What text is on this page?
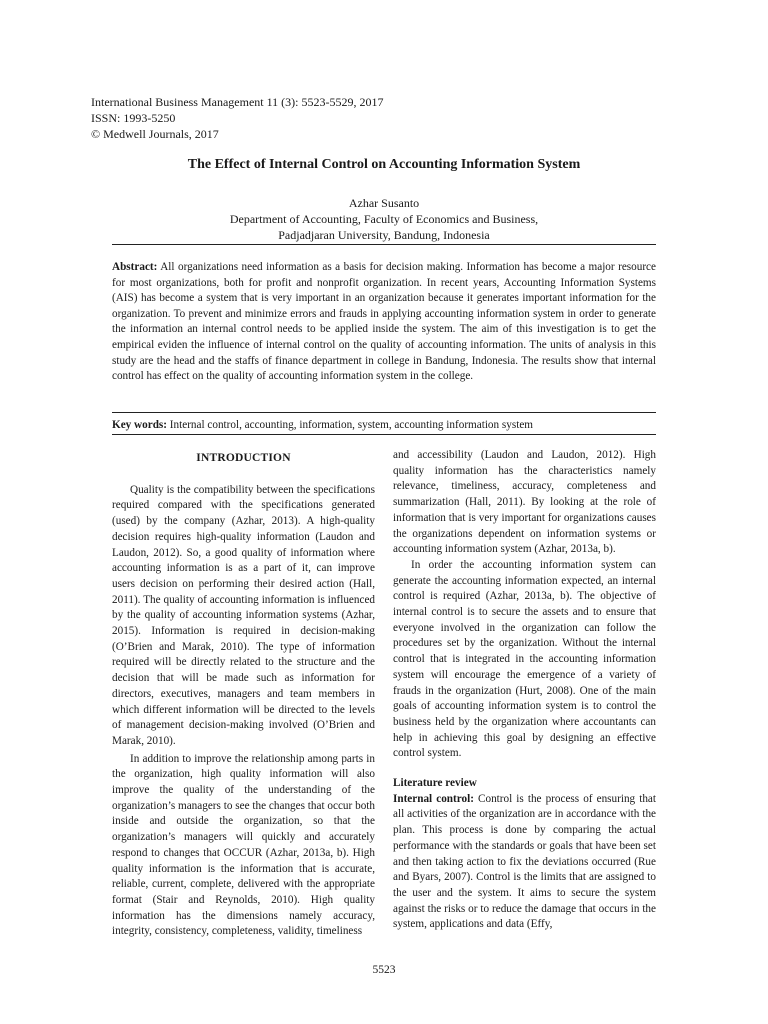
International Business Management 11 (3): 5523-5529, 2017
ISSN: 1993-5250
© Medwell Journals, 2017
The Effect of Internal Control on Accounting Information System
Azhar Susanto
Department of Accounting, Faculty of Economics and Business,
Padjadjaran University, Bandung, Indonesia
Abstract: All organizations need information as a basis for decision making. Information has become a major resource for most organizations, both for profit and nonprofit organization. In recent years, Accounting Information Systems (AIS) has become a system that is very important in an organization because it generates important information for the organization. To prevent and minimize errors and frauds in applying accounting information system in order to generate the information an internal control needs to be applied inside the system. The aim of this investigation is to get the empirical eviden the influence of internal control on the quality of accounting information. The units of analysis in this study are the head and the staffs of finance department in college in Bandung, Indonesia. The results show that internal control has effect on the quality of accounting information system in the college.
Key words: Internal control, accounting, information, system, accounting information system

INTRODUCTION

Quality is the compatibility between the specifications required compared with the specifications generated (used) by the company (Azhar, 2013). A high-quality decision requires high-quality information (Laudon and Laudon, 2012). So, a good quality of information where accounting information is as a part of it, can improve users decision on performing their desired action (Hall, 2011). The quality of accounting information is influenced by the quality of accounting information systems (Azhar, 2015). Information is required in decision-making (O’Brien and Marak, 2010). The type of information required will be directly related to the structure and the decision that will be made such as information for directors, executives, managers and team members in which different information will be directed to the levels of management decision-making involved (O’Brien and Marak, 2010).

In addition to improve the relationship among parts in the organization, high quality information will also improve the quality of the understanding of the organization’s managers to see the changes that occur both inside and outside the organization, so that the organization’s managers will quickly and accurately respond to changes that OCCUR (Azhar, 2013a, b). High quality information is the information that is accurate, reliable, current, complete, delivered with the appropriate format (Stair and Reynolds, 2010). High quality information has the dimensions namely accuracy, integrity, consistency, completeness, validity, timeliness

and accessibility (Laudon and Laudon, 2012). High quality information has the characteristics namely relevance, timeliness, accuracy, completeness and summarization (Hall, 2011). By looking at the role of information that is very important for organizations causes the organizations dependent on information systems or accounting information system (Azhar, 2013a, b).

In order the accounting information system can generate the accounting information expected, an internal control is required (Azhar, 2013a, b). The objective of internal control is to secure the assets and to ensure that everyone involved in the organization can follow the procedures set by the organization. Without the internal control that is integrated in the accounting information system will encourage the emergence of a variety of frauds in the organization (Hurt, 2008). One of the main goals of accounting information system is to control the business held by the organization where accountants can help in achieving this goal by designing an effective control system.

Literature review

Internal control: Control is the process of ensuring that all activities of the organization are in accordance with the plan. This process is done by comparing the actual performance with the standards or goals that have been set and then taking action to fix the deviations occurred (Rue and Byars, 2007). Control is the limits that are assigned to the user and the system. It aims to secure the system against the risks or to reduce the damage that occurs in the system, applications and data (Effy,

5523
